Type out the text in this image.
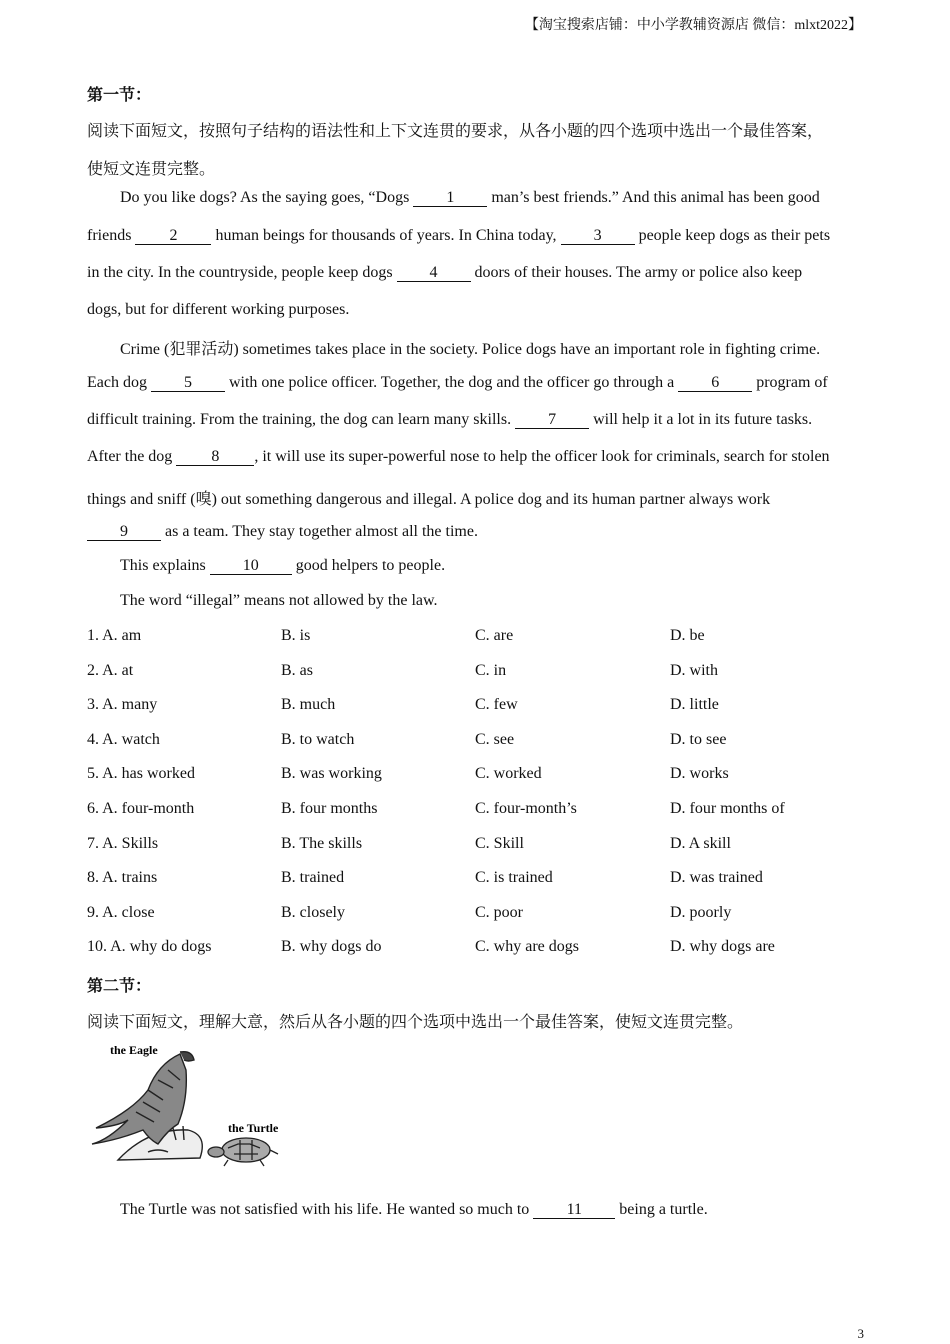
【淘宝搜索店铺：中小学教辅资源店 微信：mlxt2022】
第一节：
阅读下面短文，按照句子结构的语法性和上下文连贯的要求，从各小题的四个选项中选出一个最佳答案，
使短文连贯完整。
Do you like dogs? As the saying goes, “Dogs 1 man’s best friends.” And this animal has been good
friends 2 human beings for thousands of years. In China today, 3 people keep dogs as their pets
in the city. In the countryside, people keep dogs 4 doors of their houses. The army or police also keep
dogs, but for different working purposes.
Crime (犯罪活动) sometimes takes place in the society. Police dogs have an important role in fighting crime.
Each dog 5 with one police officer. Together, the dog and the officer go through a 6 program of
difficult training. From the training, the dog can learn many skills. 7 will help it a lot in its future tasks.
After the dog 8 , it will use its super-powerful nose to help the officer look for criminals, search for stolen
things and sniff (嗅) out something dangerous and illegal. A police dog and its human partner always work
9 as a team. They stay together almost all the time.
This explains 10 good helpers to people.
The word “illegal” means not allowed by the law.
1. A. am	B. is	C. are	D. be
2. A. at	B. as	C. in	D. with
3. A. many	B. much	C. few	D. little
4. A. watch	B. to watch	C. see	D. to see
5. A. has worked	B. was working	C. worked	D. works
6. A. four-month	B. four months	C. four-month’s	D. four months of
7. A. Skills	B. The skills	C. Skill	D. A skill
8. A. trains	B. trained	C. is trained	D. was trained
9. A. close	B. closely	C. poor	D. poorly
10. A. why do dogs	B. why dogs do	C. why are dogs	D. why dogs are
第二节：
阅读下面短文，理解大意，然后从各小题的四个选项中选出一个最佳答案，使短文连贯完整。
the Eagle
the Turtle
The Turtle was not satisfied with his life. He wanted so much to 11 being a turtle.
3
